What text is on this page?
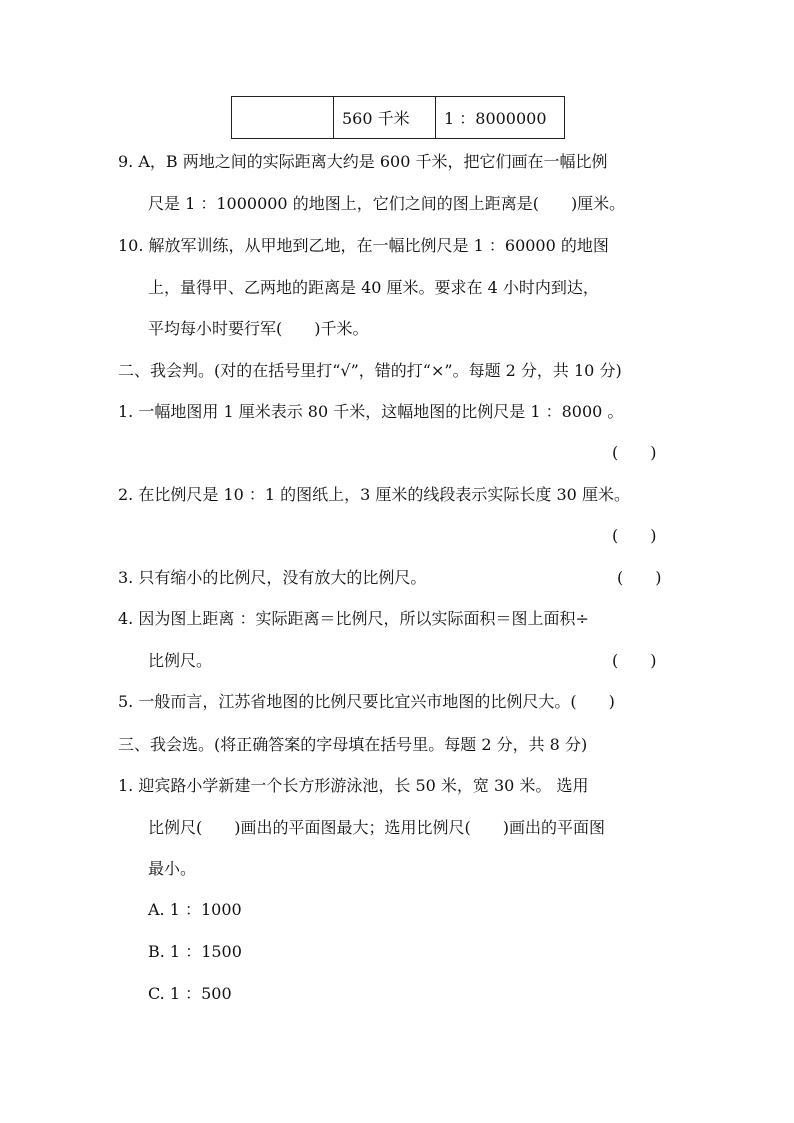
	560 千米	1 ：8000000
9. A，B 两地之间的实际距离大约是 600 千米，把它们画在一幅比例
尺是 1 ：1000000 的地图上，它们之间的图上距离是(　　)厘米。
10. 解放军训练，从甲地到乙地，在一幅比例尺是 1 ：60000 的地图
上，量得甲、乙两地的距离是 40 厘米。要求在 4 小时内到达，
平均每小时要行军(　　)千米。
二、我会判。(对的在括号里打“√”，错的打“×”。每题 2 分，共 10 分)
1. 一幅地图用 1 厘米表示 80 千米，这幅地图的比例尺是 1 ：8000 。
(　　)
2. 在比例尺是 10 ：1 的图纸上，3 厘米的线段表示实际长度 30 厘米。
(　　)
3. 只有缩小的比例尺，没有放大的比例尺。	(　　)
4. 因为图上距离 ：实际距离＝比例尺，所以实际面积＝图上面积÷
比例尺。	(　　)
5. 一般而言，江苏省地图的比例尺要比宜兴市地图的比例尺大。(　　)
三、我会选。(将正确答案的字母填在括号里。每题 2 分，共 8 分)
1. 迎宾路小学新建一个长方形游泳池，长 50 米，宽 30 米。 选用
比例尺(　　)画出的平面图最大；选用比例尺(　　)画出的平面图
最小。
A. 1 ：1000
B. 1 ：1500
C. 1 ：500
